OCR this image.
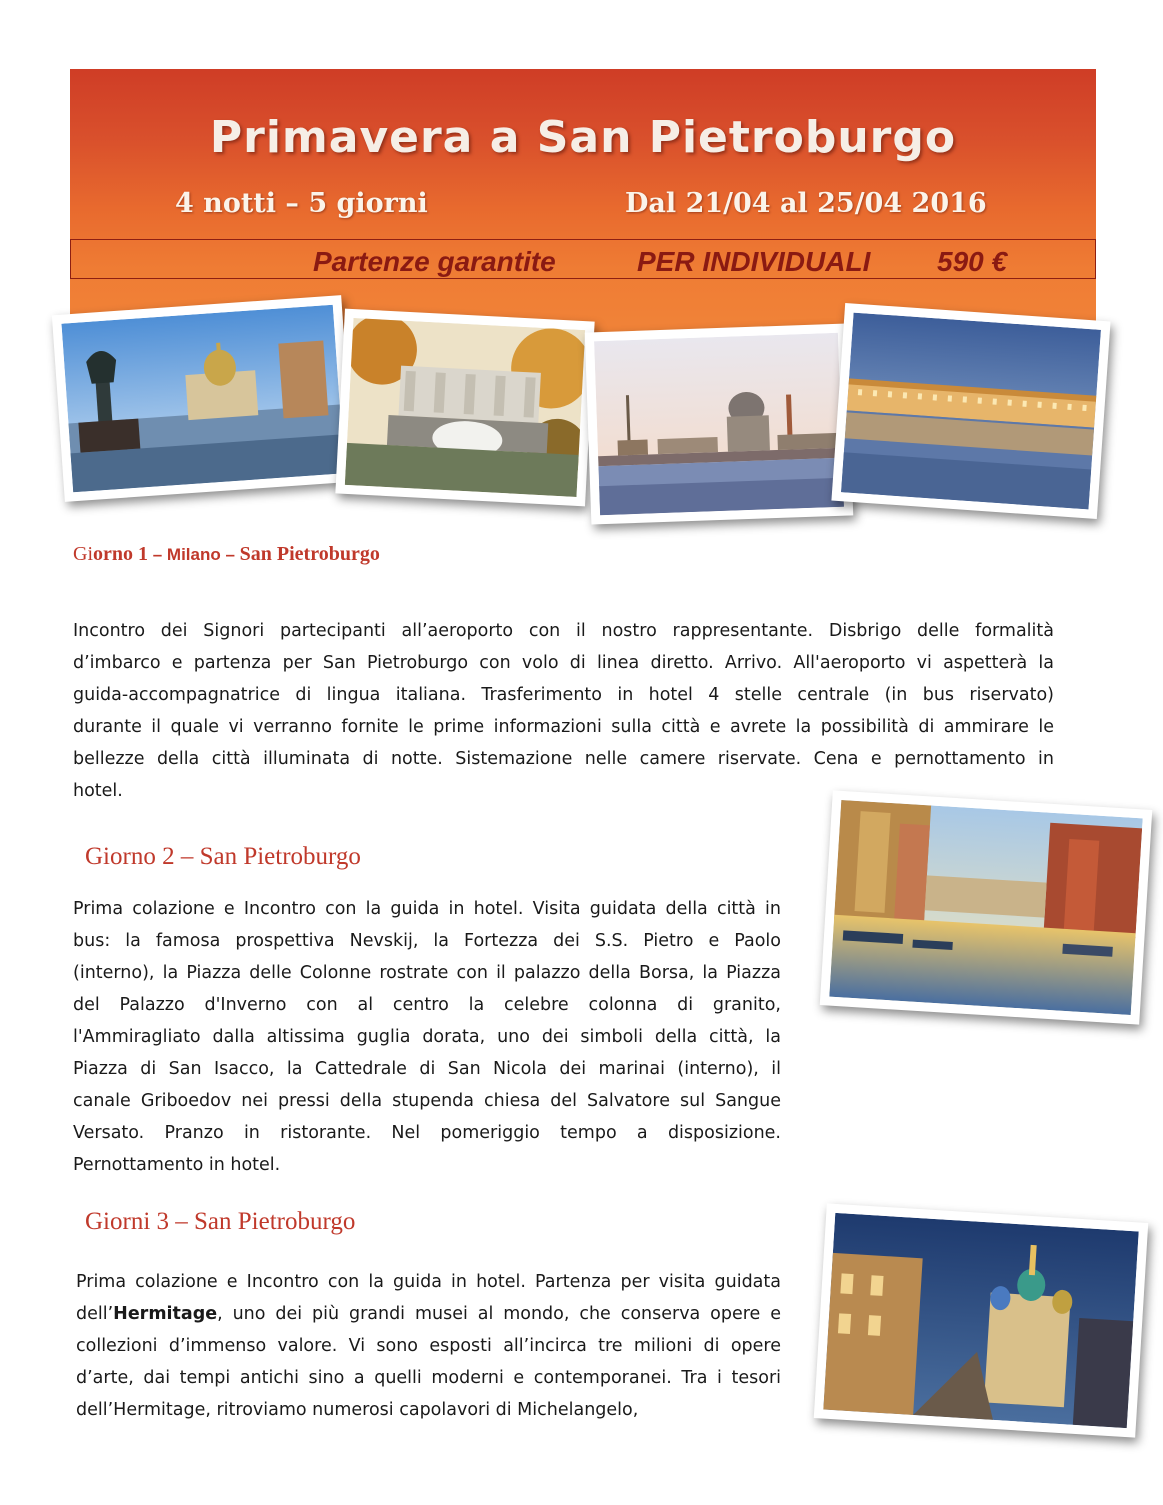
Primavera a San Pietroburgo
4 notti – 5 giorni	Dal 21/04 al 25/04 2016
Partenze garantite	PER INDIVIDUALI 590 €
Giorno 1 – Milano – San Pietroburgo
Incontro dei Signori partecipanti all’aeroporto con il nostro rappresentante. Disbrigo delle formalità
d’imbarco e partenza per San Pietroburgo con volo di linea diretto. Arrivo. All'aeroporto vi aspetterà la
guida-accompagnatrice di lingua italiana. Trasferimento in hotel 4 stelle centrale (in bus riservato)
durante il quale vi verranno fornite le prime informazioni sulla città e avrete la possibilità di ammirare le
bellezze della città illuminata di notte. Sistemazione nelle camere riservate. Cena e pernottamento in
hotel.
Giorno 2 – San Pietroburgo
Prima colazione e Incontro con la guida in hotel. Visita guidata della città in
bus: la famosa prospettiva Nevskij, la Fortezza dei S.S. Pietro e Paolo
(interno), la Piazza delle Colonne rostrate con il palazzo della Borsa, la Piazza
del Palazzo d'Inverno con al centro la celebre colonna di granito,
l'Ammiragliato dalla altissima guglia dorata, uno dei simboli della città, la
Piazza di San Isacco, la Cattedrale di San Nicola dei marinai (interno), il
canale Griboedov nei pressi della stupenda chiesa del Salvatore sul Sangue
Versato. Pranzo in ristorante. Nel pomeriggio tempo a disposizione.
Pernottamento in hotel.
Giorni 3 – San Pietroburgo
Prima colazione e Incontro con la guida in hotel. Partenza per visita guidata
dell’Hermitage, uno dei più grandi musei al mondo, che conserva opere e
collezioni d’immenso valore. Vi sono esposti all’incirca tre milioni di opere
d’arte, dai tempi antichi sino a quelli moderni e contemporanei. Tra i tesori
dell’Hermitage, ritroviamo numerosi capolavori di Michelangelo,
